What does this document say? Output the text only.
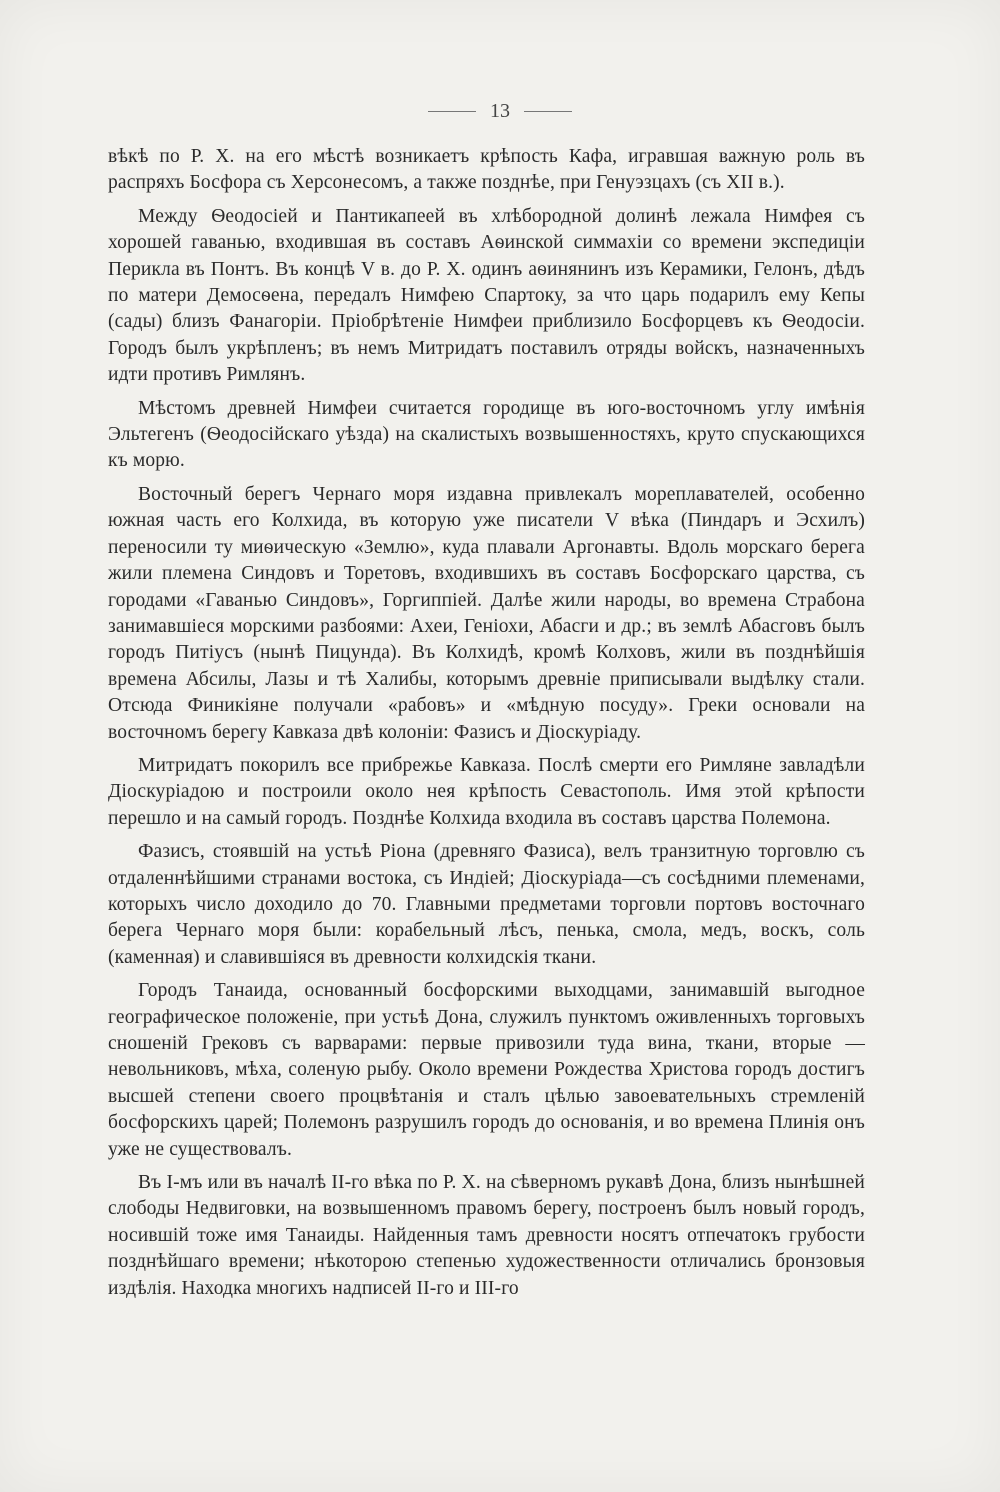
13

вѣкѣ по Р. Х. на его мѣстѣ возникаетъ крѣпость Кафа, игравшая важную роль въ распряхъ Босфора съ Херсонесомъ, а также позднѣе, при Генуэзцахъ (съ XII в.).

Между Ѳеодосіей и Пантикапеей въ хлѣбородной долинѣ лежала Нимфея съ хорошей гаванью, входившая въ составъ Аѳинской симмахіи со времени экспедиціи Перикла въ Понтъ. Въ концѣ V в. до Р. Х. одинъ аѳинянинъ изъ Керамики, Гелонъ, дѣдъ по матери Демосѳена, передалъ Нимфею Спартоку, за что царь подарилъ ему Кепы (сады) близъ Фанагоріи. Пріобрѣтеніе Нимфеи приблизило Босфорцевъ къ Ѳеодосіи. Городъ былъ укрѣпленъ; въ немъ Митридатъ поставилъ отряды войскъ, назначенныхъ идти противъ Римлянъ.

Мѣстомъ древней Нимфеи считается городище въ юго-восточномъ углу имѣнія Эльтегенъ (Ѳеодосійскаго уѣзда) на скалистыхъ возвышенностяхъ, круто спускающихся къ морю.

Восточный берегъ Чернаго моря издавна привлекалъ мореплавателей, особенно южная часть его Колхида, въ которую уже писатели V вѣка (Пиндаръ и Эсхилъ) переносили ту миѳическую «Землю», куда плавали Аргонавты. Вдоль морскаго берега жили племена Синдовъ и Торетовъ, входившихъ въ составъ Босфорскаго царства, съ городами «Гаванью Синдовъ», Горгиппіей. Далѣе жили народы, во времена Страбона занимавшіеся морскими разбоями: Ахеи, Геніохи, Абасги и др.; въ землѣ Абасговъ былъ городъ Питіусъ (нынѣ Пицунда). Въ Колхидѣ, кромѣ Колховъ, жили въ позднѣйшія времена Абсилы, Лазы и тѣ Халибы, которымъ древніе приписывали выдѣлку стали. Отсюда Финикіяне получали «рабовъ» и «мѣдную посуду». Греки основали на восточномъ берегу Кавказа двѣ колоніи: Фазисъ и Діоскуріаду.

Митридатъ покорилъ все прибрежье Кавказа. Послѣ смерти его Римляне завладѣли Діоскуріадою и построили около нея крѣпость Севастополь. Имя этой крѣпости перешло и на самый городъ. Позднѣе Колхида входила въ составъ царства Полемона.

Фазисъ, стоявшій на устьѣ Ріона (древняго Фазиса), велъ транзитную торговлю съ отдаленнѣйшими странами востока, съ Индіей; Діоскуріада—съ сосѣдними племенами, которыхъ число доходило до 70. Главными предметами торговли портовъ восточнаго берега Чернаго моря были: корабельный лѣсъ, пенька, смола, медъ, воскъ, соль (каменная) и славившіяся въ древности колхидскія ткани.

Городъ Танаида, основанный босфорскими выходцами, занимавшій выгодное географическое положеніе, при устьѣ Дона, служилъ пунктомъ оживленныхъ торговыхъ сношеній Грековъ съ варварами: первые привозили туда вина, ткани, вторые — невольниковъ, мѣха, соленую рыбу. Около времени Рождества Христова городъ достигъ высшей степени своего процвѣтанія и сталъ цѣлью завоевательныхъ стремленій босфорскихъ царей; Полемонъ разрушилъ городъ до основанія, и во времена Плинія онъ уже не существовалъ.

Въ I-мъ или въ началѣ II-го вѣка по Р. Х. на сѣверномъ рукавѣ Дона, близъ нынѣшней слободы Недвиговки, на возвышенномъ правомъ берегу, построенъ былъ новый городъ, носившій тоже имя Танаиды. Найденныя тамъ древности носятъ отпечатокъ грубости позднѣйшаго времени; нѣкоторою степенью художественности отличались бронзовыя издѣлія. Находка многихъ надписей II-го и III-го
